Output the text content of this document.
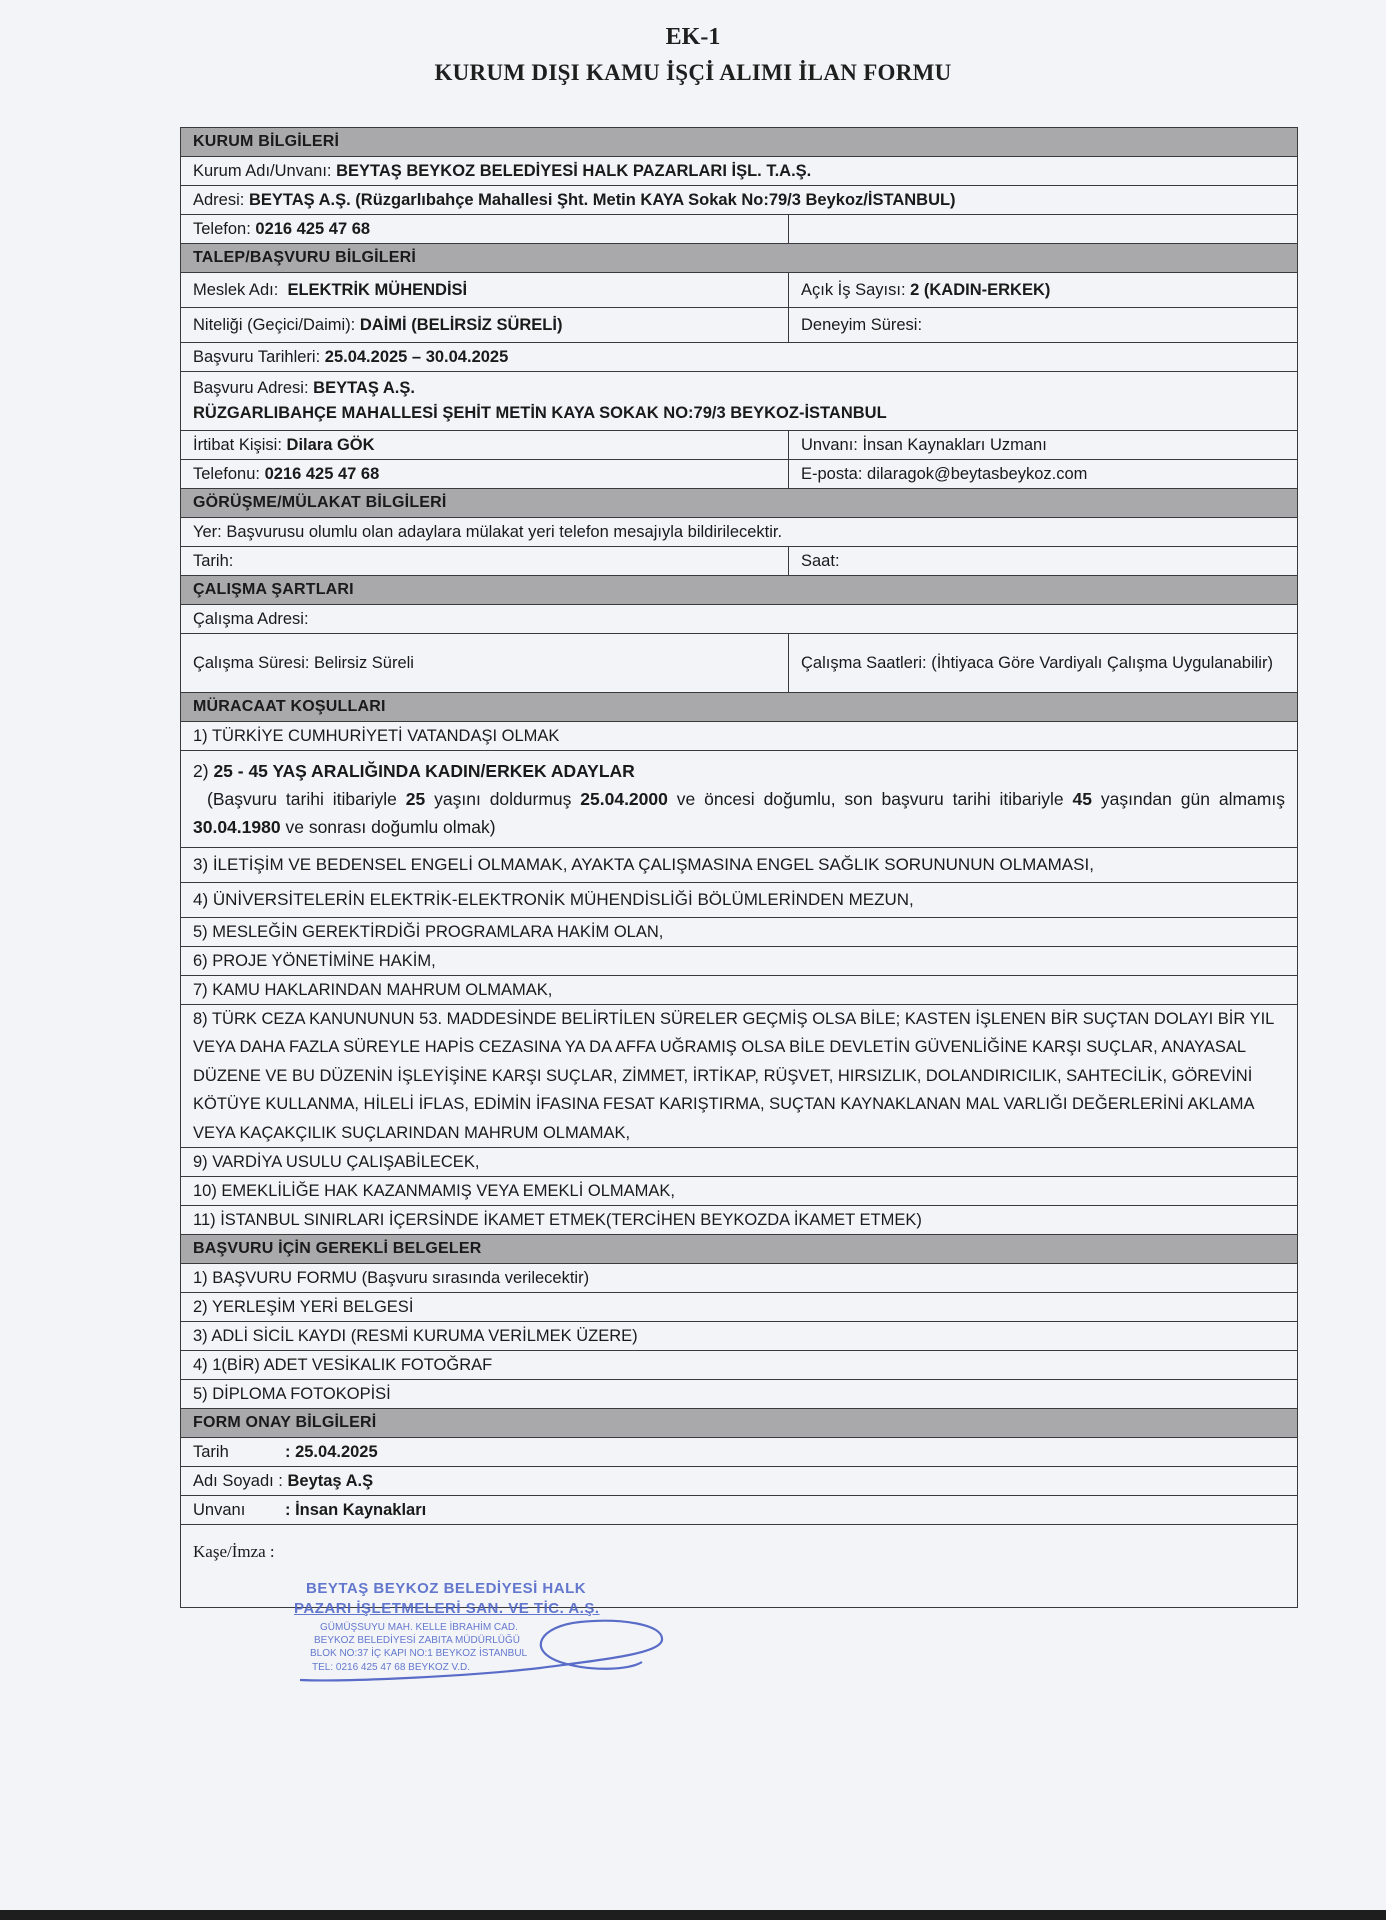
EK-1
KURUM DIŞI KAMU İŞÇİ ALIMI İLAN FORMU
KURUM BİLGİLERİ	
Kurum Adı/Unvanı: BEYTAŞ BEYKOZ BELEDİYESİ HALK PAZARLARI İŞL. T.A.Ş.	
Adresi: BEYTAŞ A.Ş. (Rüzgarlıbahçe Mahallesi Şht. Metin KAYA Sokak No:79/3 Beykoz/İSTANBUL)	
Telefon: 0216 425 47 68	
TALEP/BAŞVURU BİLGİLERİ	
Meslek Adı: ELEKTRİK MÜHENDİSİ	Açık İş Sayısı: 2 (KADIN-ERKEK)
Niteliği (Geçici/Daimi): DAİMİ (BELİRSİZ SÜRELİ)	Deneyim Süresi:
Başvuru Tarihleri: 25.04.2025 – 30.04.2025	

Başvuru Adresi: BEYTAŞ A.Ş.
RÜZGARLIBAHÇE MAHALLESİ ŞEHİT METİN KAYA SOKAK NO:79/3 BEYKOZ-İSTANBUL	

İrtibat Kişisi: Dilara GÖK	Unvanı: İnsan Kaynakları Uzmanı
Telefonu: 0216 425 47 68	E-posta: dilaragok@beytasbeykoz.com
GÖRÜŞME/MÜLAKAT BİLGİLERİ	
Yer: Başvurusu olumlu olan adaylara mülakat yeri telefon mesajıyla bildirilecektir.	
Tarih:	Saat:
ÇALIŞMA ŞARTLARI	
Çalışma Adresi:	
Çalışma Süresi: Belirsiz Süreli	Çalışma Saatleri: (İhtiyaca Göre Vardiyalı Çalışma Uygulanabilir)
MÜRACAAT KOŞULLARI	
1) TÜRKİYE CUMHURİYETİ VATANDAŞI OLMAK	

2) 25 - 45 YAŞ ARALIĞINDA KADIN/ERKEK ADAYLAR
(Başvuru tarihi itibariyle 25 yaşını doldurmuş 25.04.2000 ve öncesi doğumlu, son başvuru tarihi itibariyle 45 yaşından gün almamış 30.04.1980 ve sonrası doğumlu olmak)	

3) İLETİŞİM VE BEDENSEL ENGELİ OLMAMAK, AYAKTA ÇALIŞMASINA ENGEL SAĞLIK SORUNUNUN OLMAMASI,	
4) ÜNİVERSİTELERİN ELEKTRİK-ELEKTRONİK MÜHENDİSLİĞİ BÖLÜMLERİNDEN MEZUN,	
5) MESLEĞİN GEREKTİRDİĞİ PROGRAMLARA HAKİM OLAN,	
6) PROJE YÖNETİMİNE HAKİM,	
7) KAMU HAKLARINDAN MAHRUM OLMAMAK,	
8) TÜRK CEZA KANUNUNUN 53. MADDESİNDE BELİRTİLEN SÜRELER GEÇMİŞ OLSA BİLE; KASTEN İŞLENEN BİR SUÇTAN DOLAYI BİR YIL VEYA DAHA FAZLA SÜREYLE HAPİS CEZASINA YA DA AFFA UĞRAMIŞ OLSA BİLE DEVLETİN GÜVENLİĞİNE KARŞI SUÇLAR, ANAYASAL DÜZENE VE BU DÜZENİN İŞLEYİŞİNE KARŞI SUÇLAR, ZİMMET, İRTİKAP, RÜŞVET, HIRSIZLIK, DOLANDIRICILIK, SAHTECİLİK, GÖREVİNİ KÖTÜYE KULLANMA, HİLELİ İFLAS, EDİMİN İFASINA FESAT KARIŞTIRMA, SUÇTAN KAYNAKLANAN MAL VARLIĞI DEĞERLERİNİ AKLAMA VEYA KAÇAKÇILIK SUÇLARINDAN MAHRUM OLMAMAK,	
9) VARDİYA USULU ÇALIŞABİLECEK,	
10) EMEKLİLİĞE HAK KAZANMAMIŞ VEYA EMEKLİ OLMAMAK,	
11) İSTANBUL SINIRLARI İÇERSİNDE İKAMET ETMEK(TERCİHEN BEYKOZDA İKAMET ETMEK)	
BAŞVURU İÇİN GEREKLİ BELGELER	
1) BAŞVURU FORMU (Başvuru sırasında verilecektir)	
2) YERLEŞİM YERİ BELGESİ	
3) ADLİ SİCİL KAYDI (RESMİ KURUMA VERİLMEK ÜZERE)	
4) 1(BİR) ADET VESİKALIK FOTOĞRAF	
5) DİPLOMA FOTOKOPİSİ	
FORM ONAY BİLGİLERİ	
Tarih : 25.04.2025	
Adı Soyadı : Beytaş A.Ş	
Unvanı : İnsan Kaynakları	
Kaşe/İmza :	
BEYTAŞ BEYKOZ BELEDİYESİ HALK
PAZARI İŞLETMELERİ SAN. VE TİC. A.Ş.
GÜMÜŞSUYU MAH. KELLE İBRAHİM CAD.
BEYKOZ BELEDİYESİ ZABITA MÜDÜRLÜĞÜ
BLOK NO:37 İÇ KAPI NO:1 BEYKOZ İSTANBUL
TEL: 0216 425 47 68 BEYKOZ V.D.
